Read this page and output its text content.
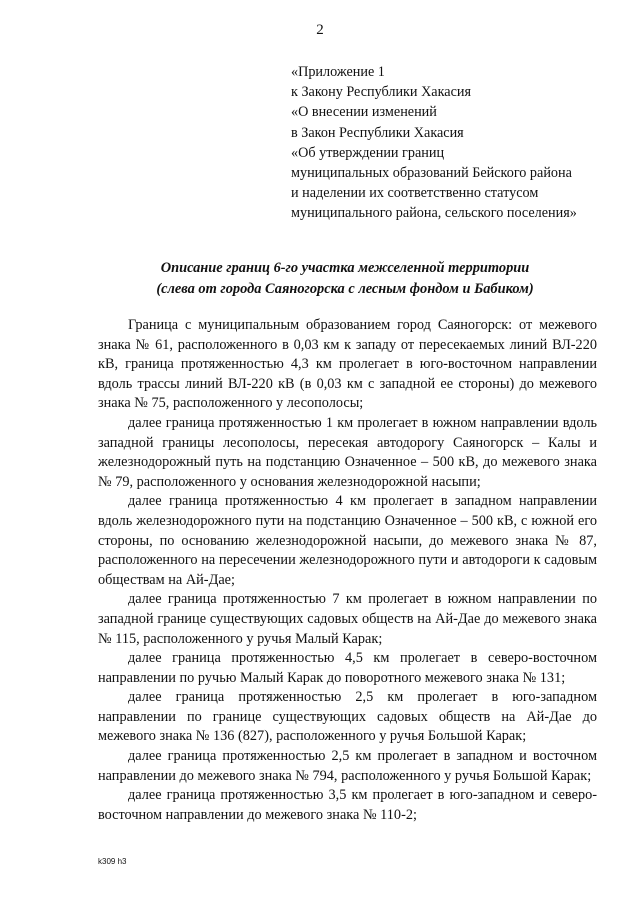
2
«Приложение 1
к Закону Республики Хакасия
«О внесении изменений
в Закон Республики Хакасия
«Об утверждении границ
муниципальных образований Бейского района
и наделении их соответственно статусом
муниципального района, сельского поселения»
Описание границ 6-го участка межселенной территории
(слева от города Саяногорска с лесным фондом и Бабиком)

Граница с муниципальным образованием город Саяногорск: от межевого знака № 61, расположенного в 0,03 км к западу от пересекаемых линий ВЛ-220 кВ, граница протяженностью 4,3 км пролегает в юго-восточном направлении вдоль трассы линий ВЛ-220 кВ (в 0,03 км с западной ее стороны) до межевого знака № 75, расположенного у лесополосы;

далее граница протяженностью 1 км пролегает в южном направлении вдоль западной границы лесополосы, пересекая автодорогу Саяногорск – Калы и железнодорожный путь на подстанцию Означенное – 500 кВ, до межевого знака № 79, расположенного у основания железнодорожной насыпи;

далее граница протяженностью 4 км пролегает в западном направлении вдоль железнодорожного пути на подстанцию Означенное – 500 кВ, с южной его стороны, по основанию железнодорожной насыпи, до межевого знака № 87, расположенного на пересечении железнодорожного пути и автодороги к садовым обществам на Ай-Дае;

далее граница протяженностью 7 км пролегает в южном направлении по западной границе существующих садовых обществ на Ай-Дае до межевого знака № 115, расположенного у ручья Малый Карак;

далее граница протяженностью 4,5 км пролегает в северо-восточном направлении по ручью Малый Карак до поворотного межевого знака № 131;

далее граница протяженностью 2,5 км пролегает в юго-западном направлении по границе существующих садовых обществ на Ай-Дае до межевого знака № 136 (827), расположенного у ручья Большой Карак;

далее граница протяженностью 2,5 км пролегает в западном и восточном направлении до межевого знака № 794, расположенного у ручья Большой Карак;

далее граница протяженностью 3,5 км пролегает в юго-западном и северо-восточном направлении до межевого знака № 110-2;

k309 h3
